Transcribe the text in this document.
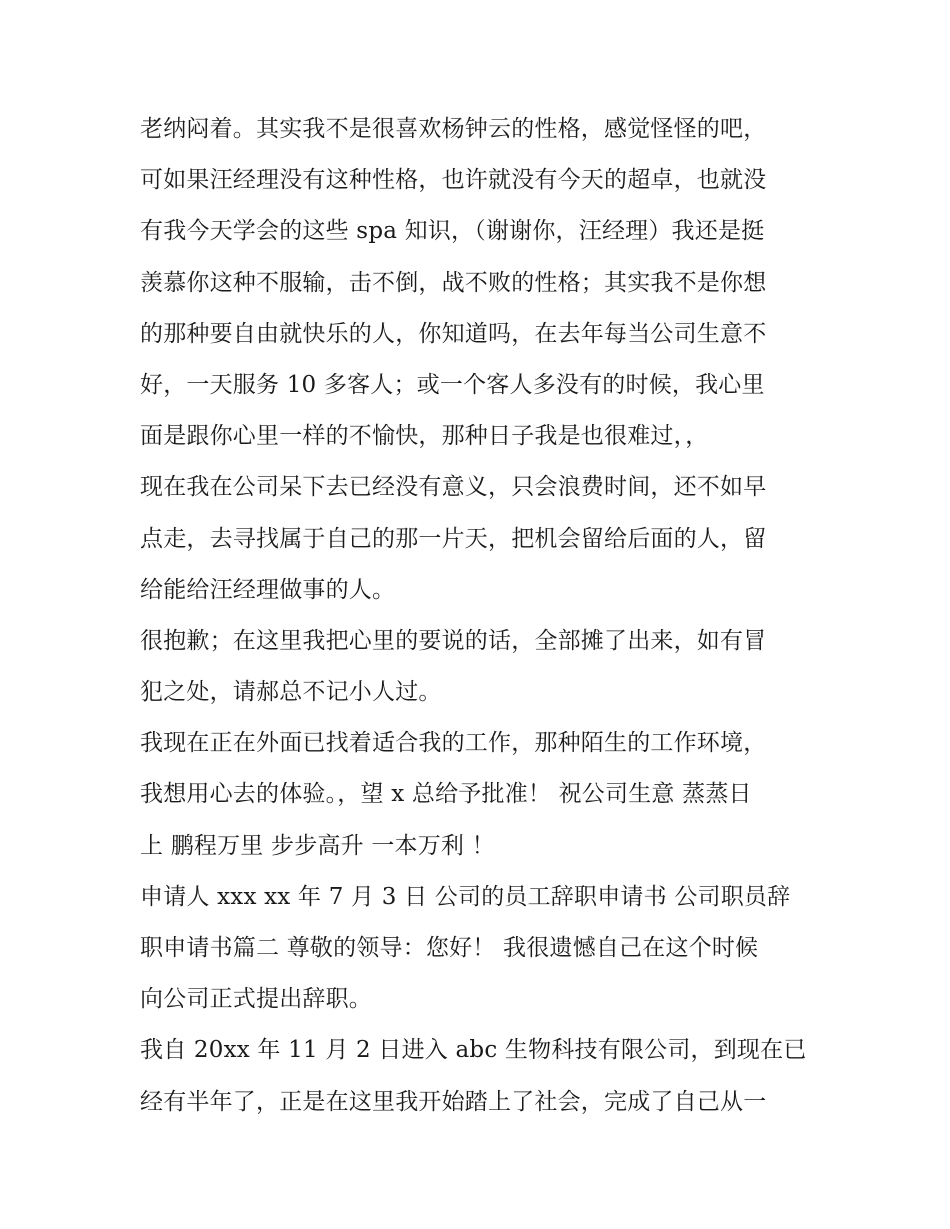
老纳闷着。其实我不是很喜欢杨钟云的性格，感觉怪怪的吧，
可如果汪经理没有这种性格，也许就没有今天的超卓，也就没
有我今天学会的这些 spa 知识，（谢谢你，汪经理）我还是挺
羡慕你这种不服输，击不倒，战不败的性格；其实我不是你想
的那种要自由就快乐的人，你知道吗，在去年每当公司生意不
好，一天服务 10 多客人；或一个客人多没有的时候，我心里
面是跟你心里一样的不愉快，那种日子我是也很难过，，
现在我在公司呆下去已经没有意义，只会浪费时间，还不如早
点走，去寻找属于自己的那一片天，把机会留给后面的人，留
给能给汪经理做事的人。
很抱歉；在这里我把心里的要说的话，全部摊了出来，如有冒
犯之处，请郝总不记小人过。
我现在正在外面已找着适合我的工作，那种陌生的工作环境，
我想用心去的体验。，望 x 总给予批准！ 祝公司生意 蒸蒸日
上 鹏程万里 步步高升 一本万利 ！
申请人 xxx xx 年 7 月 3 日 公司的员工辞职申请书 公司职员辞
职申请书篇二 尊敬的领导：您好！ 我很遗憾自己在这个时候
向公司正式提出辞职。
我自 20xx 年 11 月 2 日进入 abc 生物科技有限公司，到现在已
经有半年了，正是在这里我开始踏上了社会，完成了自己从一
